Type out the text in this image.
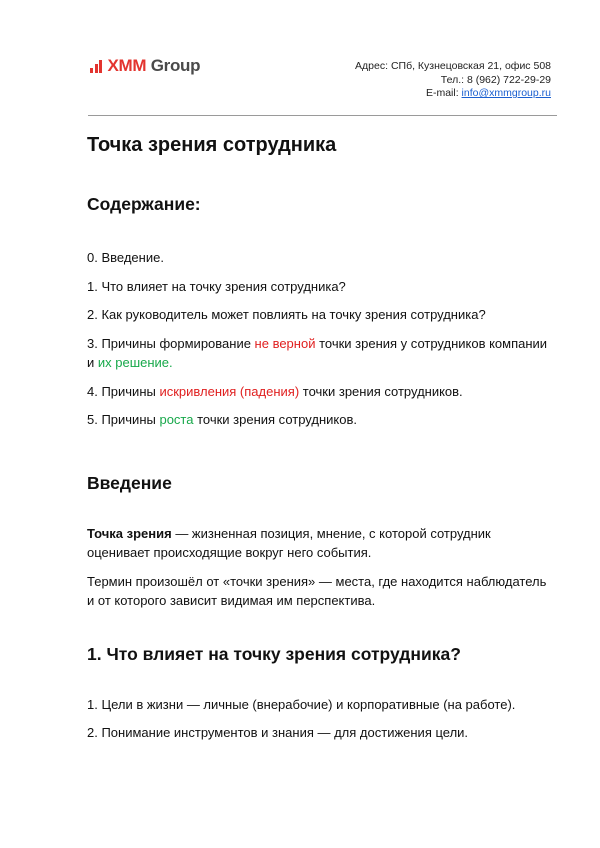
XMM Group	Адрес: СПб, Кузнецовская 21, офис 508
Тел.: 8 (962) 722-29-29
E-mail: info@xmmgroup.ru
Точка зрения сотрудника
Содержание:

0. Введение.

1. Что влияет на точку зрения сотрудника?

2. Как руководитель может повлиять на точку зрения сотрудника?

3. Причины формирование не верной точки зрения у сотрудников компании и их решение.

4. Причины искривления (падения) точки зрения сотрудников.

5. Причины роста точки зрения сотрудников.

Введение

Точка зрения — жизненная позиция, мнение, с которой сотрудник оценивает происходящие вокруг него события.

Термин произошёл от «точки зрения» — места, где находится наблюдатель и от которого зависит видимая им перспектива.

1. Что влияет на точку зрения сотрудника?

1. Цели в жизни — личные (внерабочие) и корпоративные (на работе).

2. Понимание инструментов и знания — для достижения цели.
